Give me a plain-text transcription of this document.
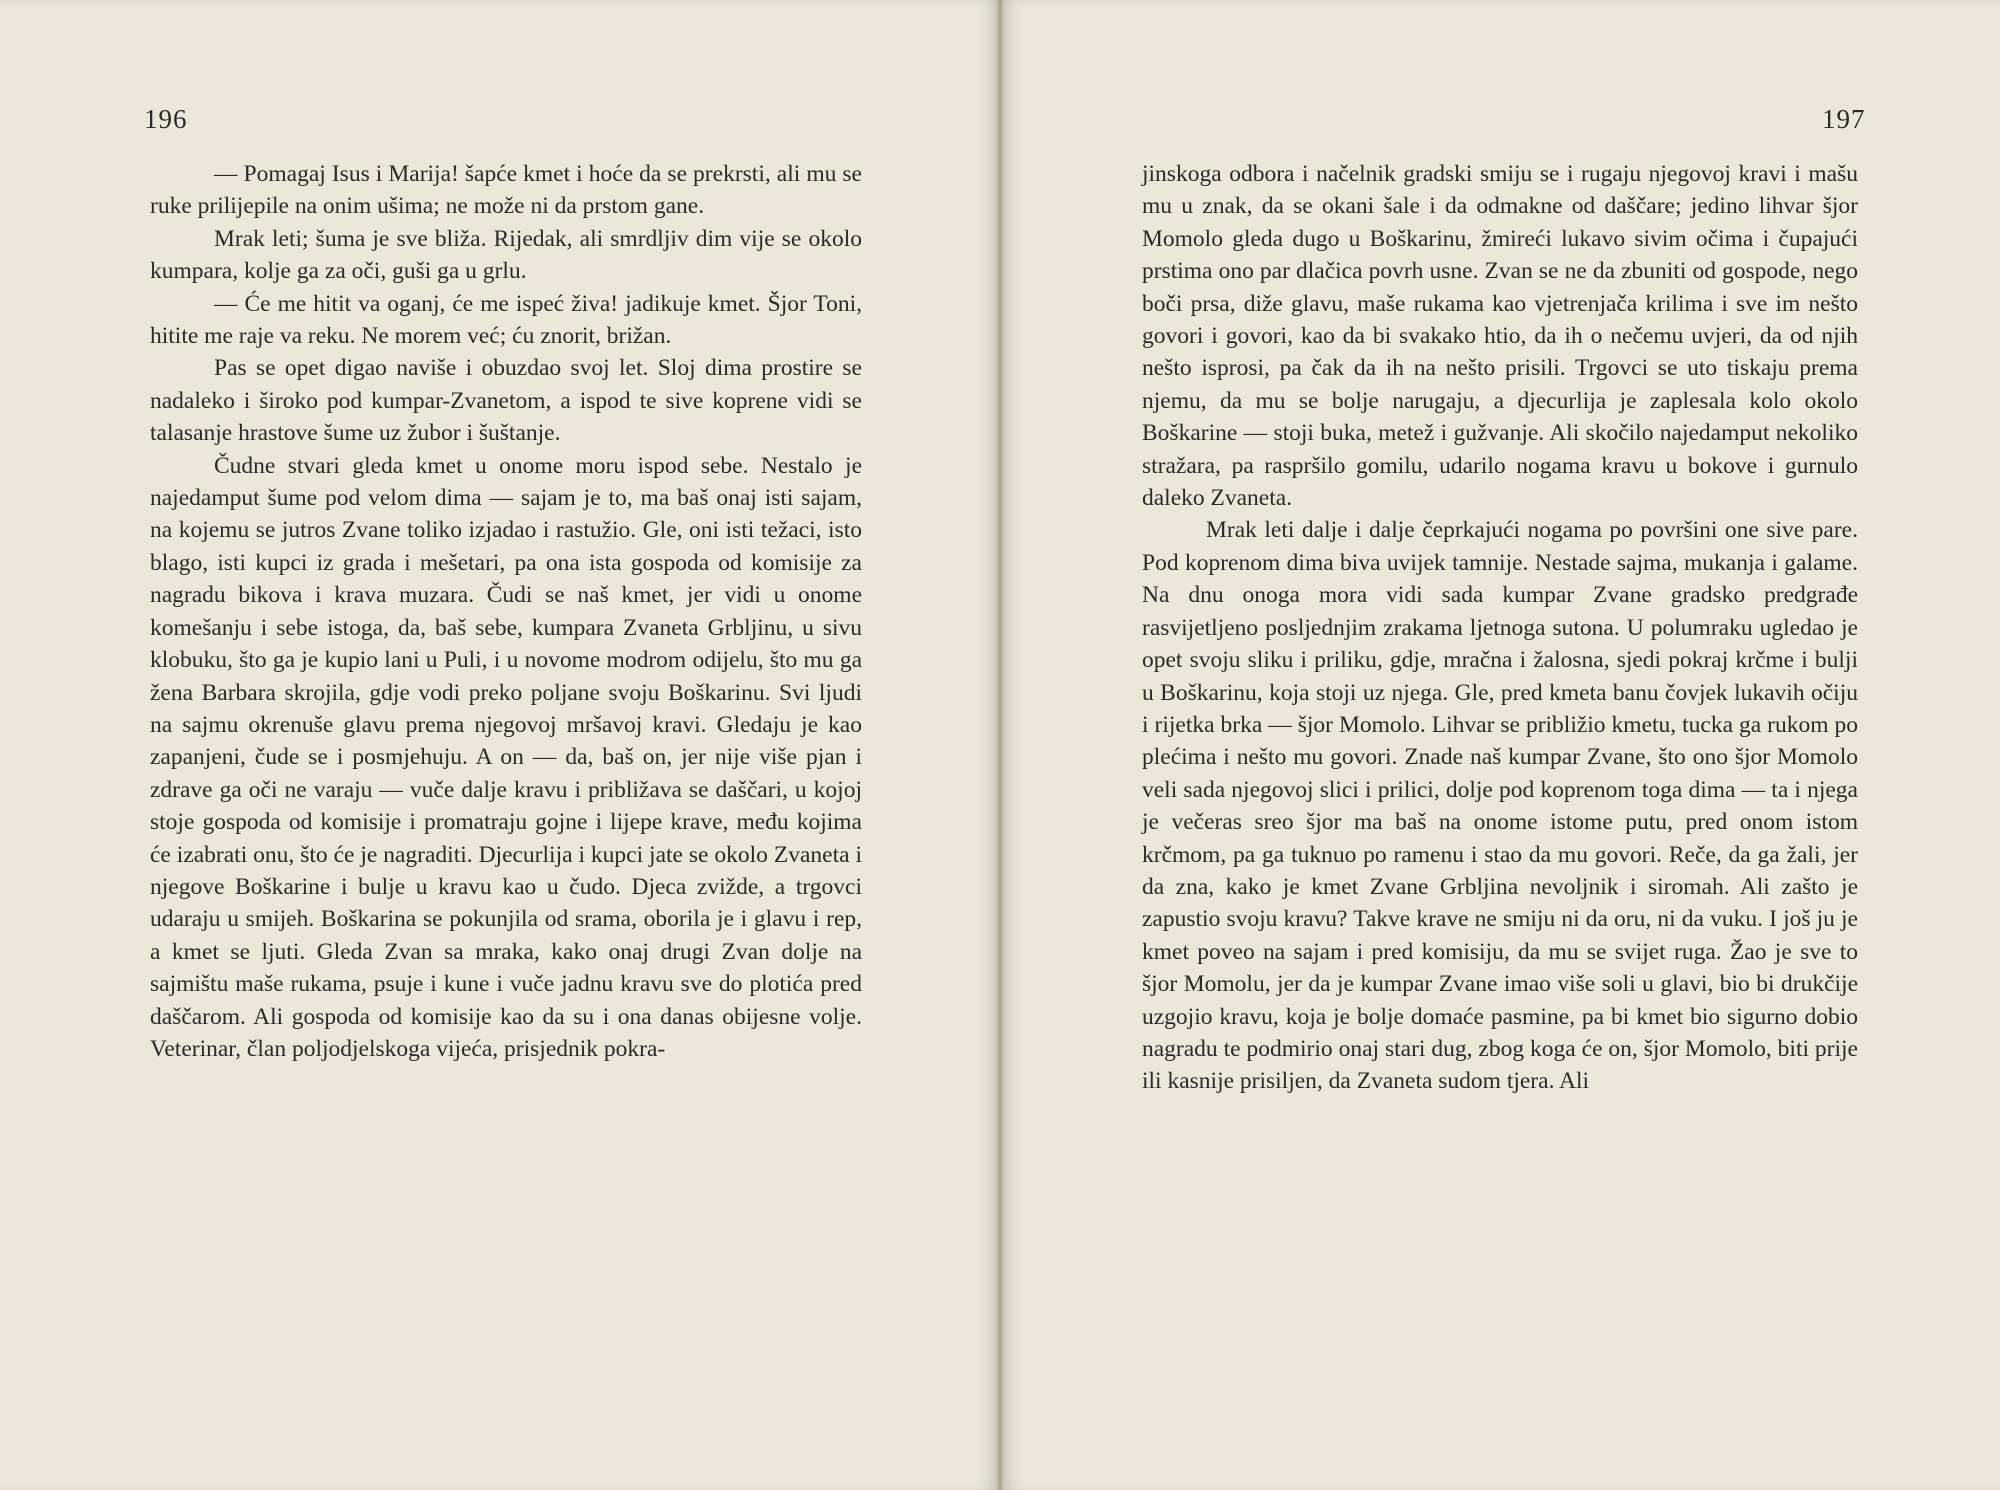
196

— Pomagaj Isus i Marija! šapće kmet i hoće da se prekrsti, ali mu se ruke prilijepile na onim ušima; ne može ni da prstom gane.

Mrak leti; šuma je sve bliža. Rijedak, ali smrdljiv dim vije se okolo kumpara, kolje ga za oči, guši ga u grlu.

— Će me hitit va oganj, će me ispeć živa! jadikuje kmet. Šjor Toni, hitite me raje va reku. Ne morem već; ću znorit, brižan.

Pas se opet digao naviše i obuzdao svoj let. Sloj dima prostire se nadaleko i široko pod kumpar-Zvanetom, a ispod te sive koprene vidi se talasanje hrastove šume uz žubor i šuštanje.

Čudne stvari gleda kmet u onome moru ispod sebe. Nestalo je najedamput šume pod velom dima — sajam je to, ma baš onaj isti sajam, na kojemu se jutros Zvane toliko izjadao i rastužio. Gle, oni isti težaci, isto blago, isti kupci iz grada i mešetari, pa ona ista gospoda od komisije za nagradu bikova i krava muzara. Čudi se naš kmet, jer vidi u onome komešanju i sebe istoga, da, baš sebe, kumpara Zvaneta Grbljinu, u sivu klobuku, što ga je kupio lani u Puli, i u novome modrom odijelu, što mu ga žena Barbara skrojila, gdje vodi preko poljane svoju Boškarinu. Svi ljudi na sajmu okrenuše glavu prema njegovoj mršavoj kravi. Gledaju je kao zapanjeni, čude se i posmjehuju. A on — da, baš on, jer nije više pjan i zdrave ga oči ne varaju — vuče dalje kravu i približava se daščari, u kojoj stoje gospoda od komisije i promatraju gojne i lijepe krave, među kojima će izabrati onu, što će je nagraditi. Djecurlija i kupci jate se okolo Zvaneta i njegove Boškarine i bulje u kravu kao u čudo. Djeca zviždе, a trgovci udaraju u smijeh. Boškarina se pokunjila od srama, oborila je i glavu i rep, a kmet se ljuti. Gleda Zvan sa mraka, kako onaj drugi Zvan dolje na sajmištu maše rukama, psuje i kune i vuče jadnu kravu sve do plotića pred daščarom. Ali gospoda od komisije kao da su i ona danas obijesne volje. Veterinar, član poljodjelskoga vijeća, prisjednik pokra-

197

jinskoga odbora i načelnik gradski smiju se i rugaju njegovoj kravi i mašu mu u znak, da se okani šale i da odmakne od daščare; jedino lihvar šjor Momolo gleda dugo u Boškarinu, žmireći lukavo sivim očima i čupajući prstima ono par dlačica povrh usne. Zvan se ne da zbuniti od gospode, nego boči prsa, diže glavu, maše rukama kao vjetrenjača krilima i sve im nešto govori i govori, kao da bi svakako htio, da ih o nečemu uvjeri, da od njih nešto isprosi, pa čak da ih na nešto prisili. Trgovci se uto tiskaju prema njemu, da mu se bolje narugaju, a djecurlija je zaplesala kolo okolo Boškarine — stoji buka, metež i gužvanje. Ali skočilo najedamput nekoliko stražara, pa raspršilo gomilu, udarilo nogama kravu u bokove i gurnulo daleko Zvaneta.

Mrak leti dalje i dalje čeprkajući nogama po površini one sive pare. Pod koprenom dima biva uvijek tamnije. Nestade sajma, mukanja i galame. Na dnu onoga mora vidi sada kumpar Zvane gradsko predgrađe rasvijetljeno posljednjim zrakama ljetnoga sutona. U polumraku ugledao je opet svoju sliku i priliku, gdje, mračna i žalosna, sjedi pokraj krčme i bulji u Boškarinu, koja stoji uz njega. Gle, pred kmeta banu čovjek lukavih očiju i rijetka brka — šjor Momolo. Lihvar se približio kmetu, tucka ga rukom po plećima i nešto mu govori. Znade naš kumpar Zvane, što ono šjor Momolo veli sada njegovoj slici i prilici, dolje pod koprenom toga dima — ta i njega je večeras sreo šjor ma baš na onome istome putu, pred onom istom krčmom, pa ga tuknuo po ramenu i stao da mu govori. Reče, da ga žali, jer da zna, kako je kmet Zvane Grbljina nevoljnik i siromah. Ali zašto je zapustio svoju kravu? Takve krave ne smiju ni da oru, ni da vuku. I još ju je kmet poveo na sajam i pred komisiju, da mu se svijet ruga. Žao je sve to šjor Momolu, jer da je kumpar Zvane imao više soli u glavi, bio bi drukčije uzgojio kravu, koja je bolje domaće pasmine, pa bi kmet bio sigurno dobio nagradu te podmirio onaj stari dug, zbog koga će on, šjor Momolo, biti prije ili kasnije prisiljen, da Zvaneta sudom tjera. Ali
